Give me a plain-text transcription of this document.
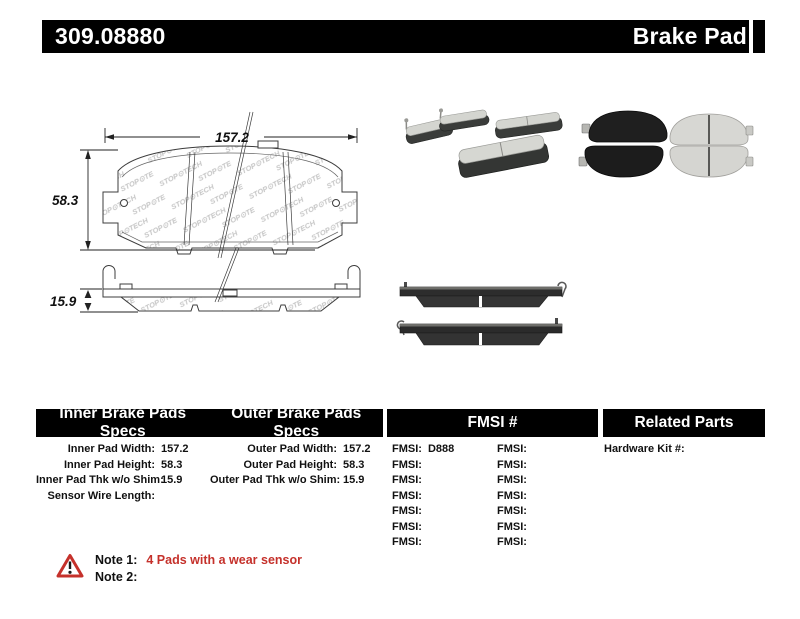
309.08880	Brake Pad
157.2
58.3
15.9
Inner Brake Pads Specs
Outer Brake Pads Specs
FMSI #	Related Parts
Inner Pad Width: 157.2
Inner Pad Height: 58.3
Inner Pad Thk w/o Shim:
15.9
Sensor Wire Length:
Outer Pad Width: 157.2
Outer Pad Height: 58.3
Outer Pad Thk w/o Shim: 15.9
FMSI: D888
FMSI:
FMSI:
FMSI:
FMSI:
FMSI:
FMSI:
FMSI:
FMSI:
FMSI:
FMSI:
FMSI:
FMSI:
FMSI:
Hardware Kit #:
Note 1: 4 Pads with a wear sensor
Note 2:
